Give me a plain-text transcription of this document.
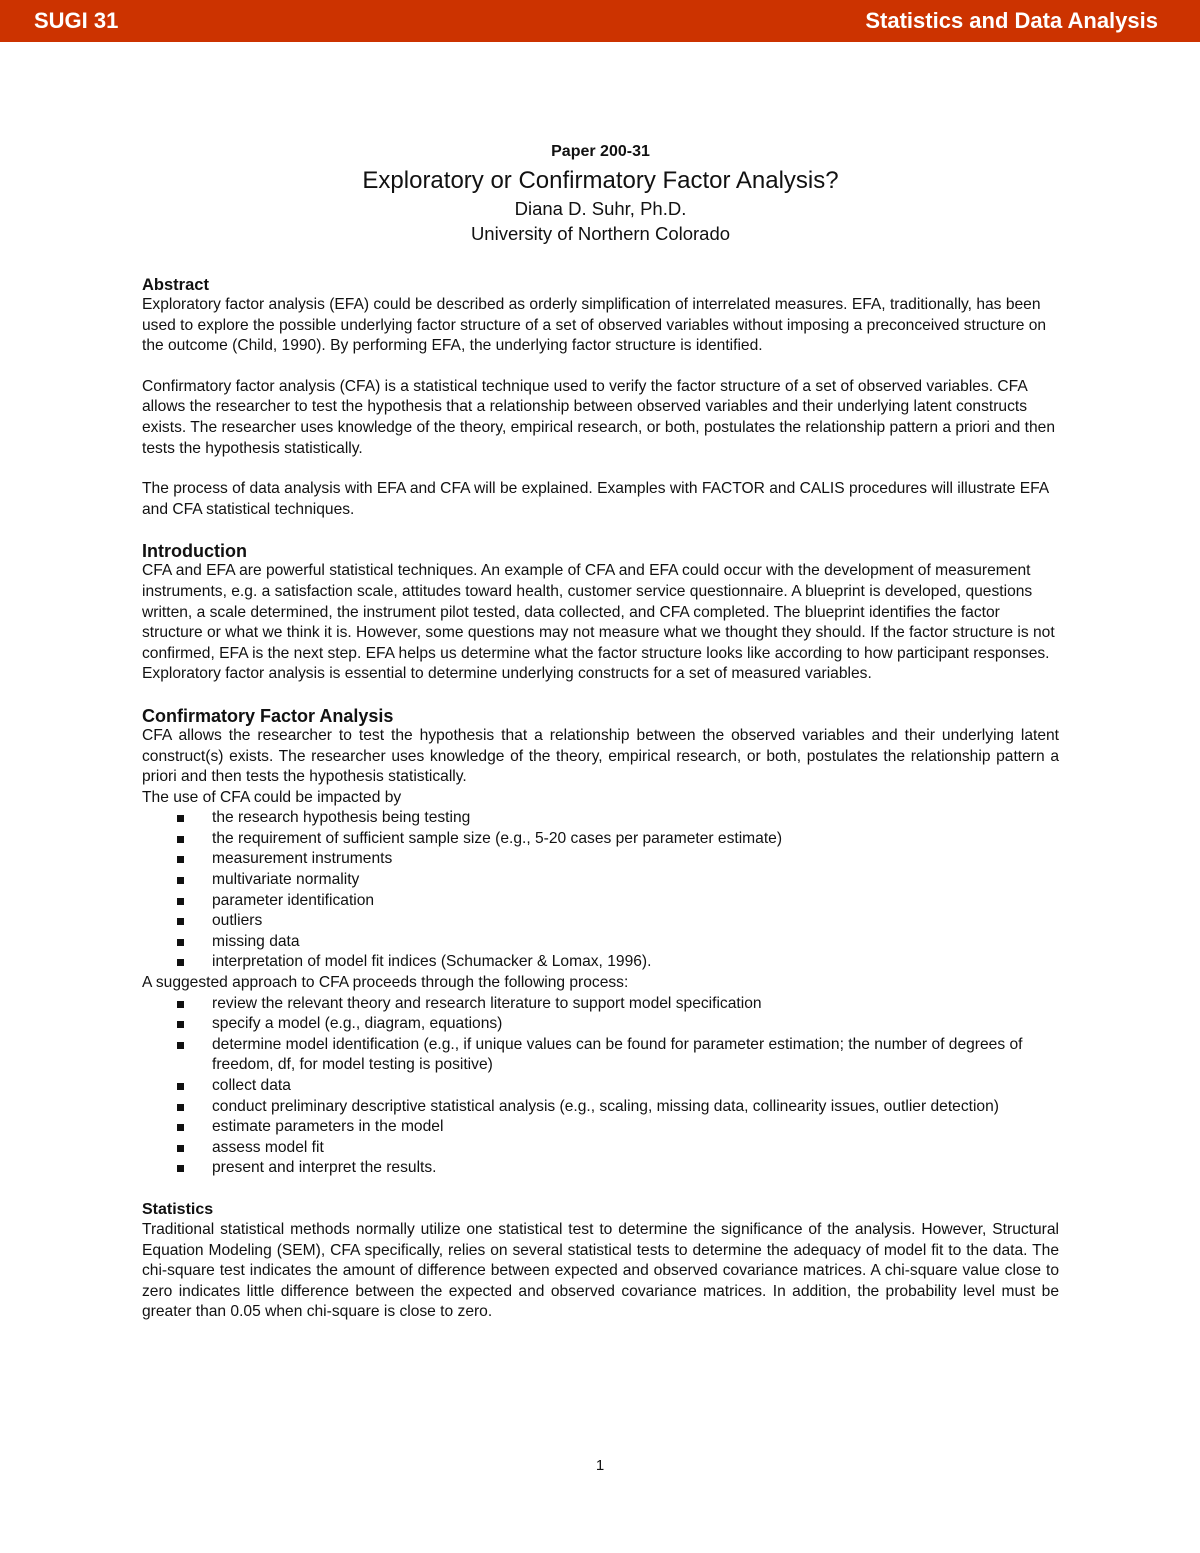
SUGI 31	Statistics and Data Analysis
Paper 200-31
Exploratory or Confirmatory Factor Analysis?
Diana D. Suhr, Ph.D.
University of Northern Colorado
Abstract

Exploratory factor analysis (EFA) could be described as orderly simplification of interrelated measures. EFA, traditionally, has been used to explore the possible underlying factor structure of a set of observed variables without imposing a preconceived structure on the outcome (Child, 1990). By performing EFA, the underlying factor structure is identified.

Confirmatory factor analysis (CFA) is a statistical technique used to verify the factor structure of a set of observed variables. CFA allows the researcher to test the hypothesis that a relationship between observed variables and their underlying latent constructs exists. The researcher uses knowledge of the theory, empirical research, or both, postulates the relationship pattern a priori and then tests the hypothesis statistically.

The process of data analysis with EFA and CFA will be explained. Examples with FACTOR and CALIS procedures will illustrate EFA and CFA statistical techniques.

Introduction

CFA and EFA are powerful statistical techniques. An example of CFA and EFA could occur with the development of measurement instruments, e.g. a satisfaction scale, attitudes toward health, customer service questionnaire. A blueprint is developed, questions written, a scale determined, the instrument pilot tested, data collected, and CFA completed. The blueprint identifies the factor structure or what we think it is. However, some questions may not measure what we thought they should. If the factor structure is not confirmed, EFA is the next step. EFA helps us determine what the factor structure looks like according to how participant responses. Exploratory factor analysis is essential to determine underlying constructs for a set of measured variables.

Confirmatory Factor Analysis

CFA allows the researcher to test the hypothesis that a relationship between the observed variables and their underlying latent construct(s) exists. The researcher uses knowledge of the theory, empirical research, or both, postulates the relationship pattern a priori and then tests the hypothesis statistically.

The use of CFA could be impacted by

the research hypothesis being testing
the requirement of sufficient sample size (e.g., 5-20 cases per parameter estimate)
measurement instruments
multivariate normality
parameter identification
outliers
missing data
interpretation of model fit indices (Schumacker & Lomax, 1996).

A suggested approach to CFA proceeds through the following process:

review the relevant theory and research literature to support model specification
specify a model (e.g., diagram, equations)
determine model identification (e.g., if unique values can be found for parameter estimation; the number of degrees of freedom, df, for model testing is positive)
collect data
conduct preliminary descriptive statistical analysis (e.g., scaling, missing data, collinearity issues, outlier detection)
estimate parameters in the model
assess model fit
present and interpret the results.
Statistics

Traditional statistical methods normally utilize one statistical test to determine the significance of the analysis. However, Structural Equation Modeling (SEM), CFA specifically, relies on several statistical tests to determine the adequacy of model fit to the data. The chi-square test indicates the amount of difference between expected and observed covariance matrices. A chi-square value close to zero indicates little difference between the expected and observed covariance matrices. In addition, the probability level must be greater than 0.05 when chi-square is close to zero.

1
